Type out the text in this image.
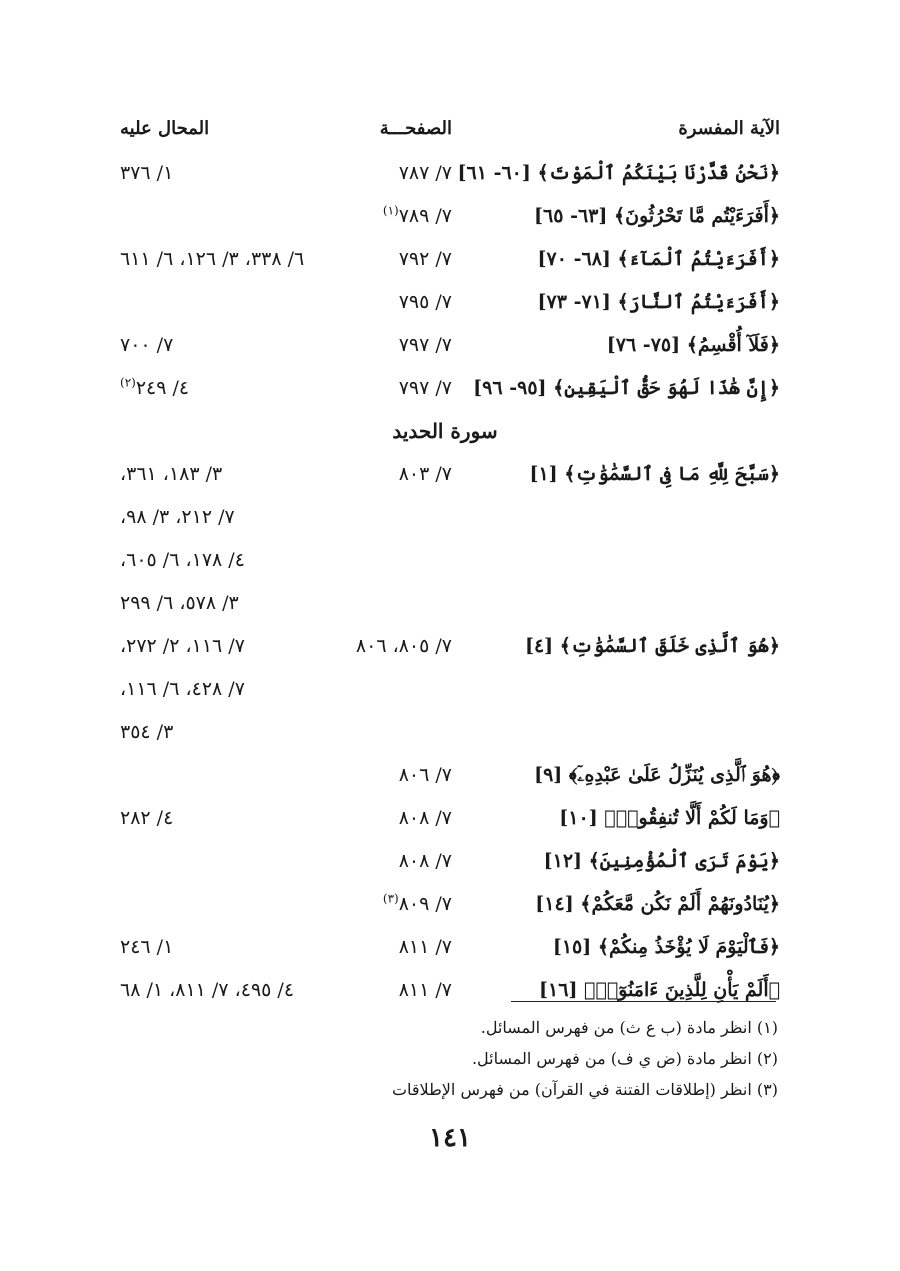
الآية المفسرة
الصفحـــة
المحال عليه
﴿نَحْنُ قَدَّرْنَا بَيْنَكُمُ ٱلْمَوْتَ﴾ [٦٠- ٦١]
٧/ ٧٨٧
١/ ٣٧٦
﴿أَفَرَءَيْتُم مَّا تَحْرُثُونَ﴾ [٦٣- ٦٥]
٧/ ٧٨٩$^{(١)}$
﴿أَفَرَءَيْتُمُ ٱلْمَآءَ﴾ [٦٨- ٧٠]
٧/ ٧٩٢
٦/ ٣٣٨، ٣/ ١٢٦، ٦/ ٦١١
﴿أَفَرَءَيْتُمُ ٱلنَّارَ﴾ [٧١- ٧٣]
٧/ ٧٩٥
﴿فَلَآ أُقْسِمُ﴾ [٧٥- ٧٦]
٧/ ٧٩٧
٧/ ٧٠٠
﴿إِنَّ هَٰذَا لَهُوَ حَقُّ ٱلْيَقِينِ﴾ [٩٥- ٩٦]
٧/ ٧٩٧
٤/ ٢٤٩$^{(٢)}$
سورة الحديد
﴿سَبَّحَ لِلَّهِ مَا فِى ٱلسَّمَٰوَٰتِ﴾ [١]
٧/ ٨٠٣
٣/ ١٨٣، ٣٦١،
٧/ ٢١٢، ٣/ ٩٨،
٤/ ١٧٨، ٦/ ٦٠٥،
٣/ ٥٧٨، ٦/ ٢٩٩
﴿هُوَ ٱلَّذِى خَلَقَ ٱلسَّمَٰوَٰتِ﴾ [٤]
٧/ ٨٠٥، ٨٠٦
٧/ ١١٦، ٢/ ٢٧٢،
٧/ ٤٢٨، ٦/ ١١٦،
٣/ ٣٥٤
﴿هُوَ ٱلَّذِى يُنَزِّلُ عَلَىٰ عَبْدِهِۦٓ﴾ [٩]
٧/ ٨٠٦
﴿وَمَا لَكُمْ أَلَّا تُنفِقُوا۟﴾ [١٠]
٧/ ٨٠٨
٤/ ٢٨٢
﴿يَوْمَ تَرَى ٱلْمُؤْمِنِينَ﴾ [١٢]
٧/ ٨٠٨
﴿يُنَادُونَهُمْ أَلَمْ نَكُن مَّعَكُمْ﴾ [١٤]
٧/ ٨٠٩$^{(٣)}$
﴿فَٱلْيَوْمَ لَا يُؤْخَذُ مِنكُمْ﴾ [١٥]
٧/ ٨١١
١/ ٢٤٦
﴿أَلَمْ يَأْنِ لِلَّذِينَ ءَامَنُوٓا۟﴾ [١٦]
٧/ ٨١١
٤/ ٤٩٥، ٧/ ٨١١، ١/ ٦٨
(١) انظر مادة (ب ع ث) من فهرس المسائل.
(٢) انظر مادة (ض ي ف) من فهرس المسائل.
(٣) انظر (إطلاقات الفتنة في القرآن) من فهرس الإطلاقات
١٤١
